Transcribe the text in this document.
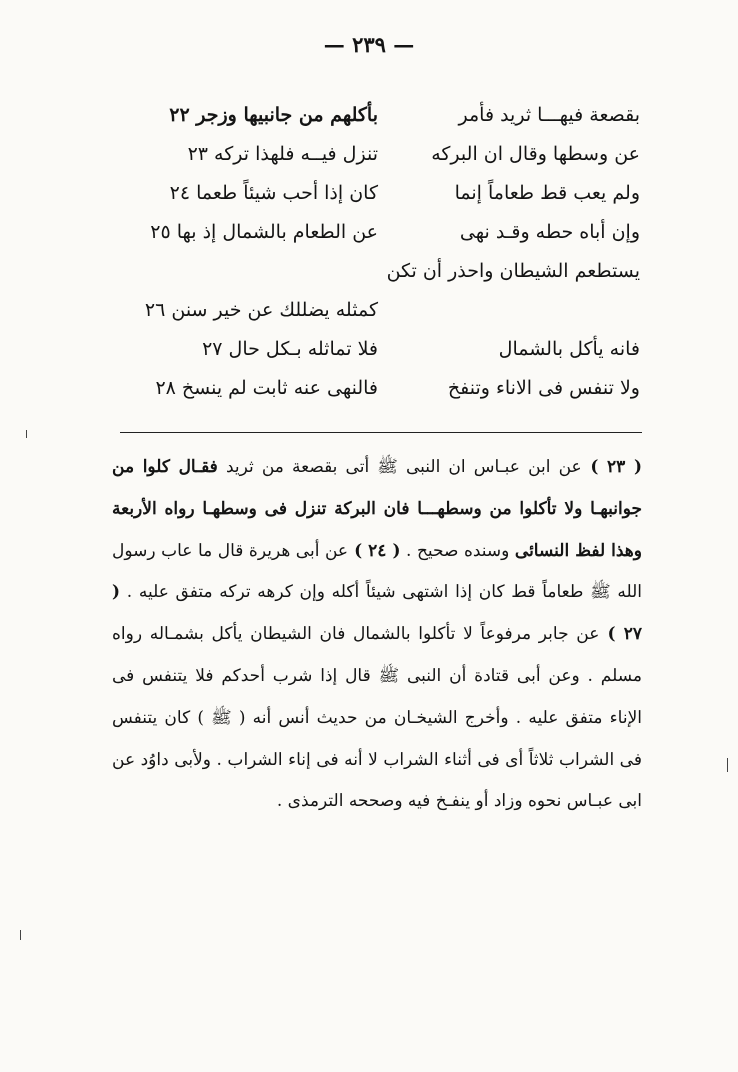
— ٢٣٩ —
بقصعة فيهـــا ثريد فأمر
بأكلهم من جانبيها وزجر ٢٢
عن وسطها وقال ان البركه
تنزل فيــه فلهذا تركه ٢٣
ولم يعب قط طعاماً إنما
كان إذا أحب شيئاً طعما ٢٤
وإن أباه حطه وقـد نهى
عن الطعام بالشمال إذ بها ٢٥
يستطعم الشيطان واحذر أن تكن
كمثله يضللك عن خير سنن ٢٦
فانه يأكل بالشمال
فلا تماثله بـكل حال ٢٧
ولا تنفس فى الاناء وتنفخ
فالنهى عنه ثابت لم ينسخ ٢٨
( ٢٣ ) عن ابن عبـاس ان النبى ﷺ أتى بقصعة من ثريد فقـال كلوا من جوانبهـا ولا تأكلوا من وسطهـــا فان البركة تنزل فى وسطهـا رواه الأربعة وهذا لفظ النسائى وسنده صحيح . ( ٢٤ ) عن أبى هريرة قال ما عاب رسول الله ﷺ طعاماً قط كان إذا اشتهى شيئاً أكله وإن كرهه تركه متفق عليه . ( ٢٧ ) عن جابر مرفوعاً لا تأكلوا بالشمال فان الشيطان يأكل بشمـاله رواه مسلم . وعن أبى قتادة أن النبى ﷺ قال إذا شرب أحدكم فلا يتنفس فى الإناء متفق عليه . وأخرج الشيخـان من حديث أنس أنه ( ﷺ ) كان يتنفس فى الشراب ثلاثاً أى فى أثناء الشراب لا أنه فى إناء الشراب . ولأبى داوُد عن ابى عبـاس نحوه وزاد أو ينفـخ فيه وصححه الترمذى .
